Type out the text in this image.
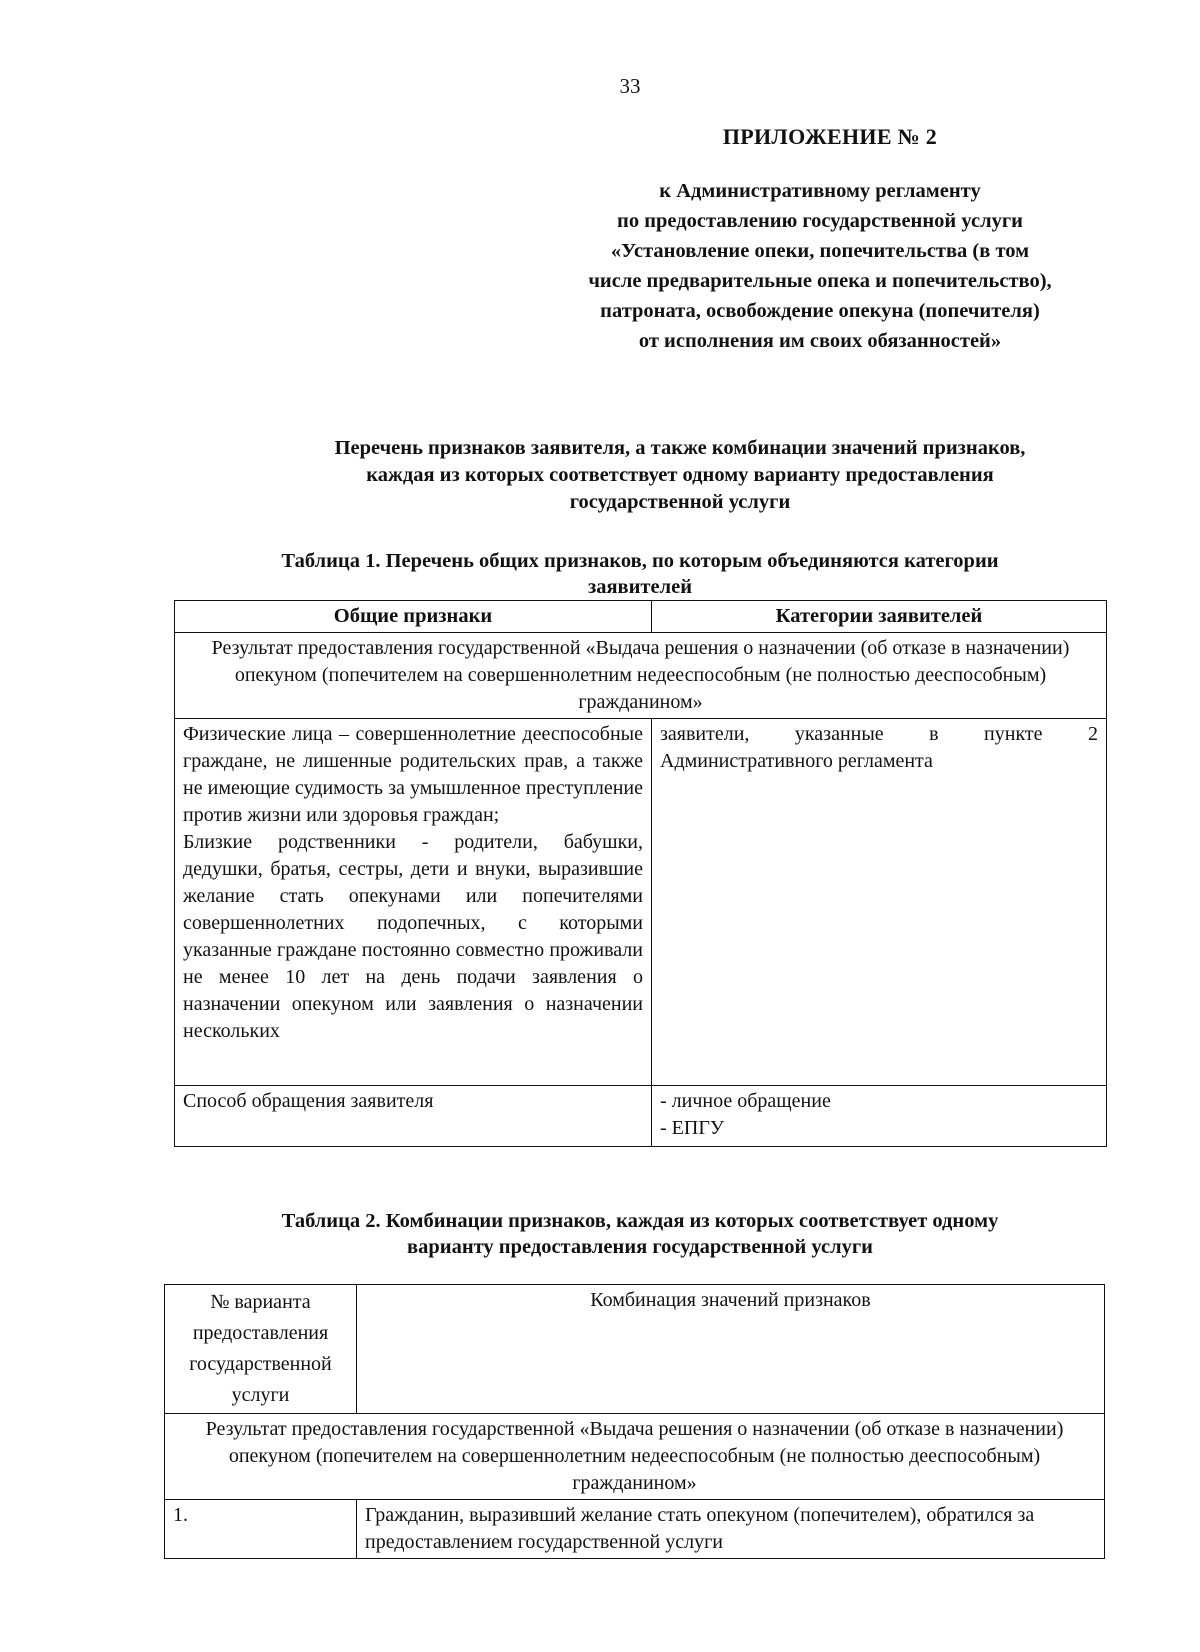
33
ПРИЛОЖЕНИЕ № 2
к Административному регламенту
по предоставлению государственной услуги
«Установление опеки, попечительства (в том
числе предварительные опека и попечительство),
патроната, освобождение опекуна (попечителя)
от исполнения им своих обязанностей»
Перечень признаков заявителя, а также комбинации значений признаков,
каждая из которых соответствует одному варианту предоставления
государственной услуги
Таблица 1. Перечень общих признаков, по которым объединяются категории
заявителей
Общие признаки	Категории заявителей
Результат предоставления государственной «Выдача решения о назначении (об отказе в назначении) опекуном (попечителем на совершеннолетним недееспособным (не полностью дееспособным) гражданином»	

Физические лица – совершеннолетние дееспособные граждане, не лишенные родительских прав, а также не имеющие судимость за умышленное преступление против жизни или здоровья граждан;
Близкие родственники - родители, бабушки, дедушки, братья, сестры, дети и внуки, выразившие желание стать опекунами или попечителями совершеннолетних подопечных, с которыми указанные граждане постоянно совместно проживали не менее 10 лет на день подачи заявления о назначении опекуном или заявления о назначении нескольких	заявители, указанные в пункте 2 Административного регламента
Способ обращения заявителя	- личное обращение
- ЕПГУ
Таблица 2. Комбинации признаков, каждая из которых соответствует одному
варианту предоставления государственной услуги
№ варианта предоставления государственной услуги	Комбинация значений признаков
Результат предоставления государственной «Выдача решения о назначении (об отказе в назначении) опекуном (попечителем на совершеннолетним недееспособным (не полностью дееспособным) гражданином»	
1.	Гражданин, выразивший желание стать опекуном (попечителем), обратился за предоставлением государственной услуги
